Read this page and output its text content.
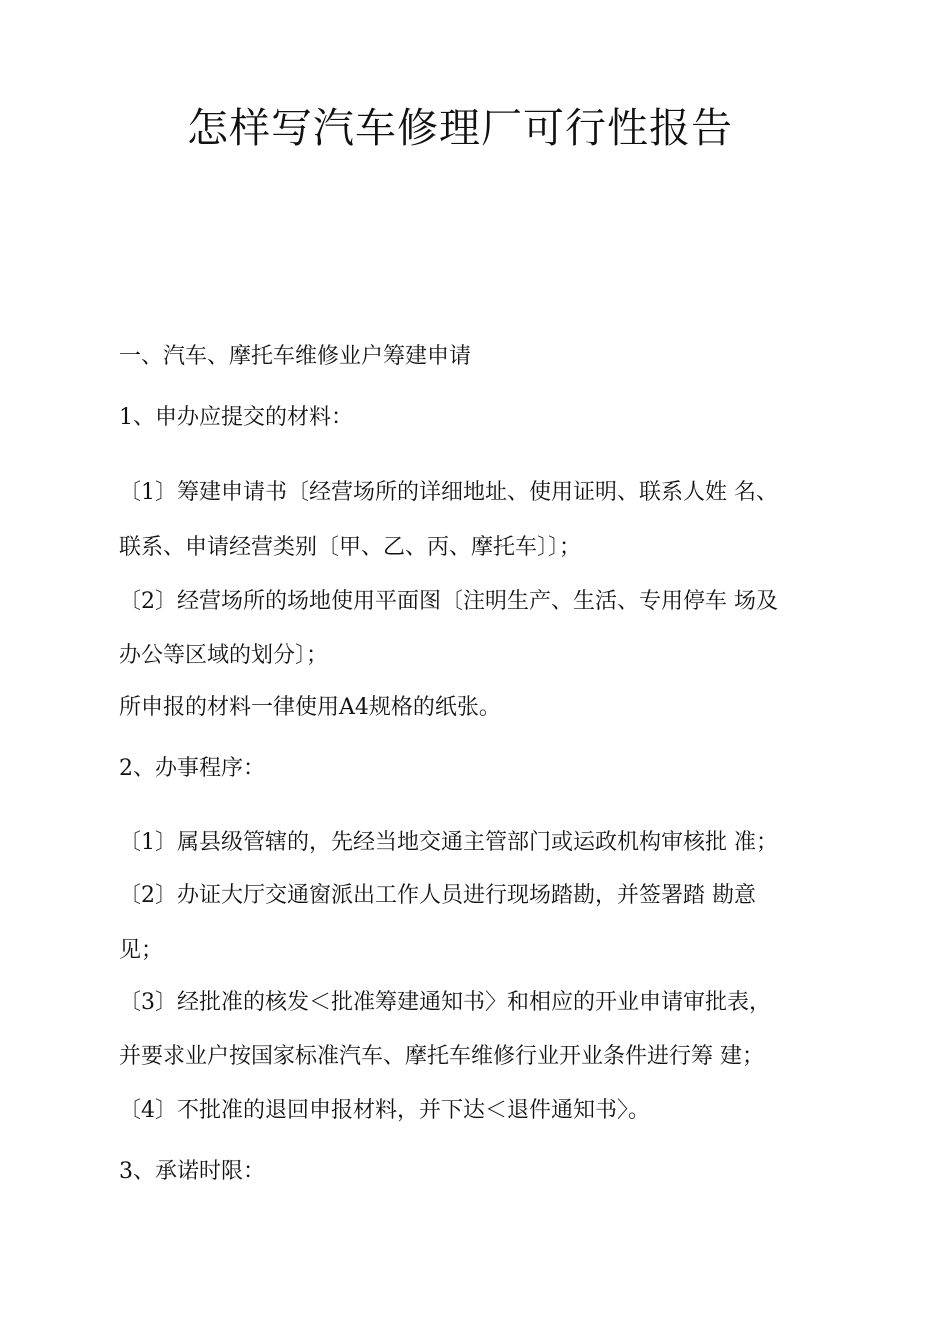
怎样写汽车修理厂可行性报告
一、汽车、摩托车维修业户筹建申请
1、申办应提交的材料：
〔1〕筹建申请书〔经营场所的详细地址、使用证明、联系人姓 名、
联系、申请经营类别〔甲、乙、丙、摩托车〕〕；
〔2〕经营场所的场地使用平面图〔注明生产、生活、专用停车 场及
办公等区域的划分〕；
所申报的材料一律使用A4规格的纸张。
2、办事程序：
〔1〕属县级管辖的，先经当地交通主管部门或运政机构审核批 准；
〔2〕办证大厅交通窗派出工作人员进行现场踏勘，并签署踏 勘意
见；
〔3〕经批准的核发＜批准筹建通知书〉和相应的开业申请审批表，
并要求业户按国家标准汽车、摩托车维修行业开业条件进行筹 建；
〔4〕不批准的退回申报材料，并下达＜退件通知书〉。
3、承诺时限：
